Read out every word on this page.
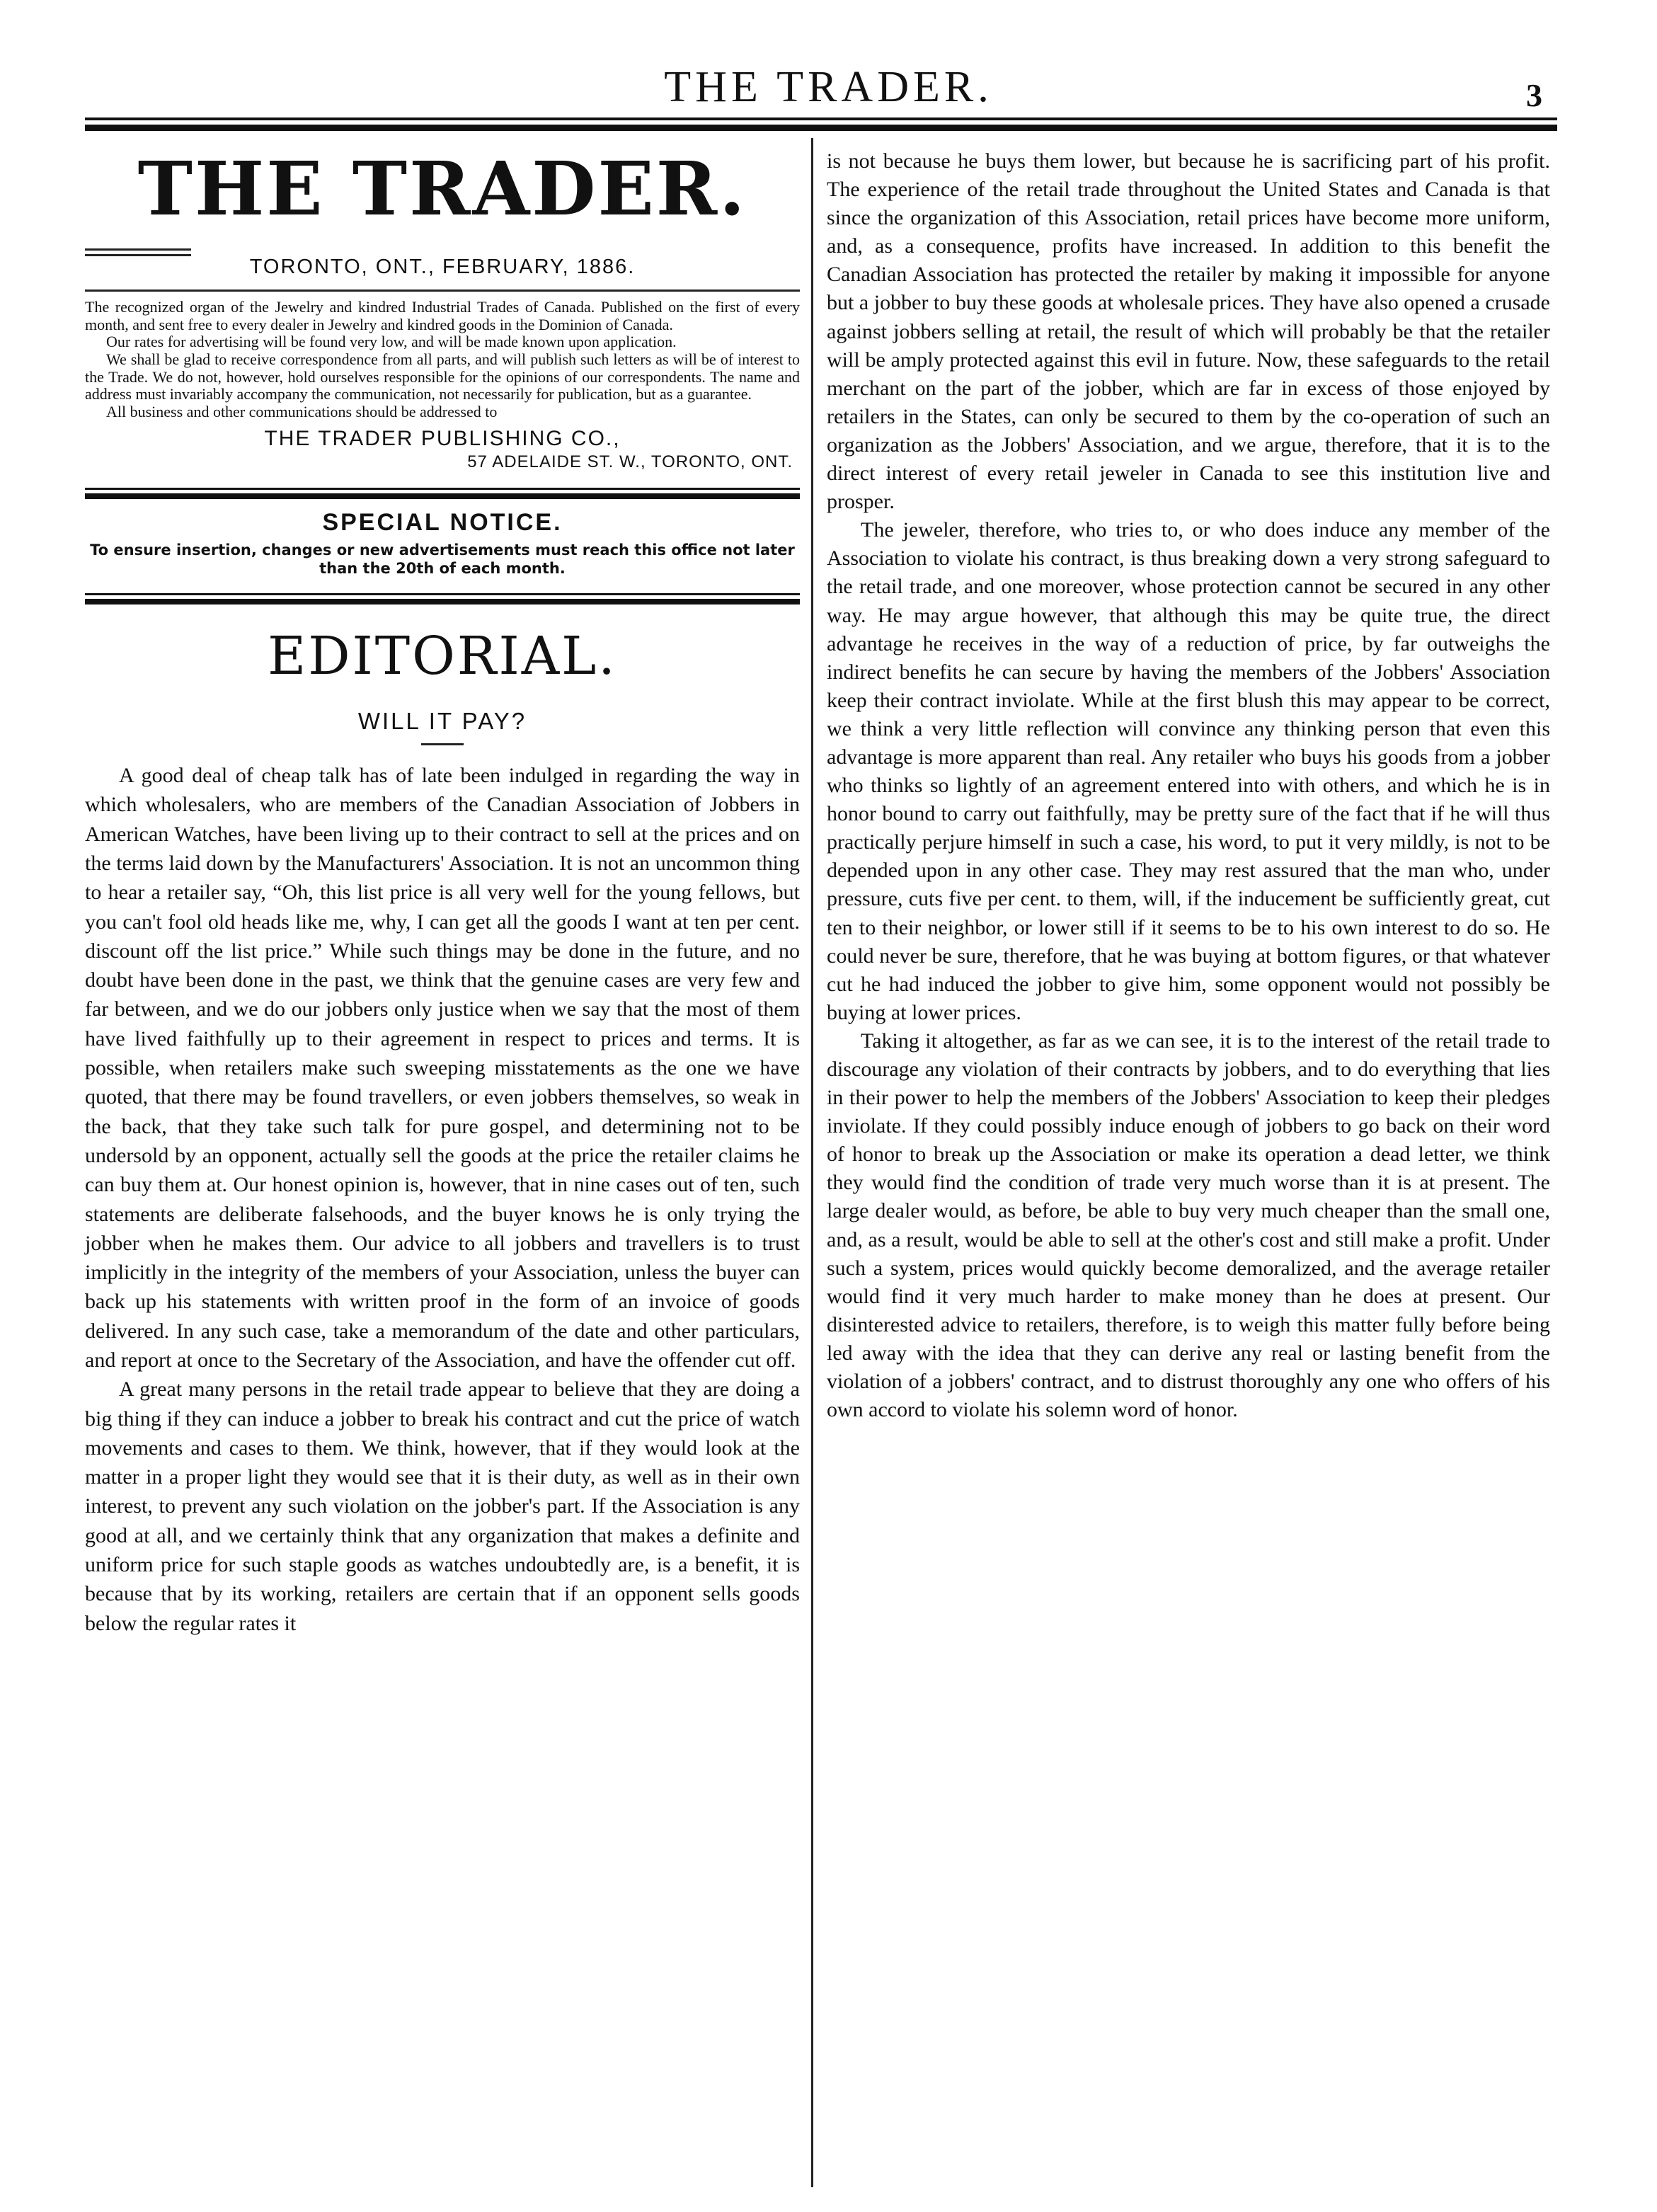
THE TRADER.	3
THE TRADER.
TORONTO, ONT., FEBRUARY, 1886.
The recognized organ of the Jewelry and kindred Industrial Trades of Canada. Published on the first of every month, and sent free to every dealer in Jewelry and kindred goods in the Dominion of Canada.
Our rates for advertising will be found very low, and will be made known upon application.
We shall be glad to receive correspondence from all parts, and will publish such letters as will be of interest to the Trade. We do not, however, hold ourselves responsible for the opinions of our correspondents. The name and address must invariably accompany the communication, not necessarily for publication, but as a guarantee.
All business and other communications should be addressed to
THE TRADER PUBLISHING CO.,
57 ADELAIDE ST. W., TORONTO, ONT.
SPECIAL NOTICE.
To ensure insertion, changes or new advertisements must reach this office not later than the 20th of each month.
EDITORIAL.
WILL IT PAY?

A good deal of cheap talk has of late been indulged in regarding the way in which wholesalers, who are members of the Canadian Association of Jobbers in American Watches, have been living up to their contract to sell at the prices and on the terms laid down by the Manufacturers' Association. It is not an uncommon thing to hear a retailer say, “Oh, this list price is all very well for the young fellows, but you can't fool old heads like me, why, I can get all the goods I want at ten per cent. discount off the list price.” While such things may be done in the future, and no doubt have been done in the past, we think that the genuine cases are very few and far between, and we do our jobbers only justice when we say that the most of them have lived faithfully up to their agreement in respect to prices and terms. It is possible, when retailers make such sweeping misstatements as the one we have quoted, that there may be found travellers, or even jobbers themselves, so weak in the back, that they take such talk for pure gospel, and determining not to be undersold by an opponent, actually sell the goods at the price the retailer claims he can buy them at. Our honest opinion is, however, that in nine cases out of ten, such statements are deliberate falsehoods, and the buyer knows he is only trying the jobber when he makes them. Our advice to all jobbers and travellers is to trust implicitly in the integrity of the members of your Association, unless the buyer can back up his statements with written proof in the form of an invoice of goods delivered. In any such case, take a memorandum of the date and other particulars, and report at once to the Secretary of the Association, and have the offender cut off.

A great many persons in the retail trade appear to believe that they are doing a big thing if they can induce a jobber to break his contract and cut the price of watch movements and cases to them. We think, however, that if they would look at the matter in a proper light they would see that it is their duty, as well as in their own interest, to prevent any such violation on the jobber's part. If the Association is any good at all, and we certainly think that any organization that makes a definite and uniform price for such staple goods as watches undoubtedly are, is a benefit, it is because that by its working, retailers are certain that if an opponent sells goods below the regular rates it

is not because he buys them lower, but because he is sacrificing part of his profit. The experience of the retail trade throughout the United States and Canada is that since the organization of this Association, retail prices have become more uniform, and, as a consequence, profits have increased. In addition to this benefit the Canadian Association has protected the retailer by making it impossible for anyone but a jobber to buy these goods at wholesale prices. They have also opened a crusade against jobbers selling at retail, the result of which will probably be that the retailer will be amply protected against this evil in future. Now, these safeguards to the retail merchant on the part of the jobber, which are far in excess of those enjoyed by retailers in the States, can only be secured to them by the co-operation of such an organization as the Jobbers' Association, and we argue, therefore, that it is to the direct interest of every retail jeweler in Canada to see this institution live and prosper.

The jeweler, therefore, who tries to, or who does induce any member of the Association to violate his contract, is thus breaking down a very strong safeguard to the retail trade, and one moreover, whose protection cannot be secured in any other way. He may argue however, that although this may be quite true, the direct advantage he receives in the way of a reduction of price, by far outweighs the indirect benefits he can secure by having the members of the Jobbers' Association keep their contract inviolate. While at the first blush this may appear to be correct, we think a very little reflection will convince any thinking person that even this advantage is more apparent than real. Any retailer who buys his goods from a jobber who thinks so lightly of an agreement entered into with others, and which he is in honor bound to carry out faithfully, may be pretty sure of the fact that if he will thus practically perjure himself in such a case, his word, to put it very mildly, is not to be depended upon in any other case. They may rest assured that the man who, under pressure, cuts five per cent. to them, will, if the inducement be sufficiently great, cut ten to their neighbor, or lower still if it seems to be to his own interest to do so. He could never be sure, therefore, that he was buying at bottom figures, or that whatever cut he had induced the jobber to give him, some opponent would not possibly be buying at lower prices.

Taking it altogether, as far as we can see, it is to the interest of the retail trade to discourage any violation of their contracts by jobbers, and to do everything that lies in their power to help the members of the Jobbers' Association to keep their pledges inviolate. If they could possibly induce enough of jobbers to go back on their word of honor to break up the Association or make its operation a dead letter, we think they would find the condition of trade very much worse than it is at present. The large dealer would, as before, be able to buy very much cheaper than the small one, and, as a result, would be able to sell at the other's cost and still make a profit. Under such a system, prices would quickly become demoralized, and the average retailer would find it very much harder to make money than he does at present. Our disinterested advice to retailers, therefore, is to weigh this matter fully before being led away with the idea that they can derive any real or lasting benefit from the violation of a jobbers' contract, and to distrust thoroughly any one who offers of his own accord to violate his solemn word of honor.
